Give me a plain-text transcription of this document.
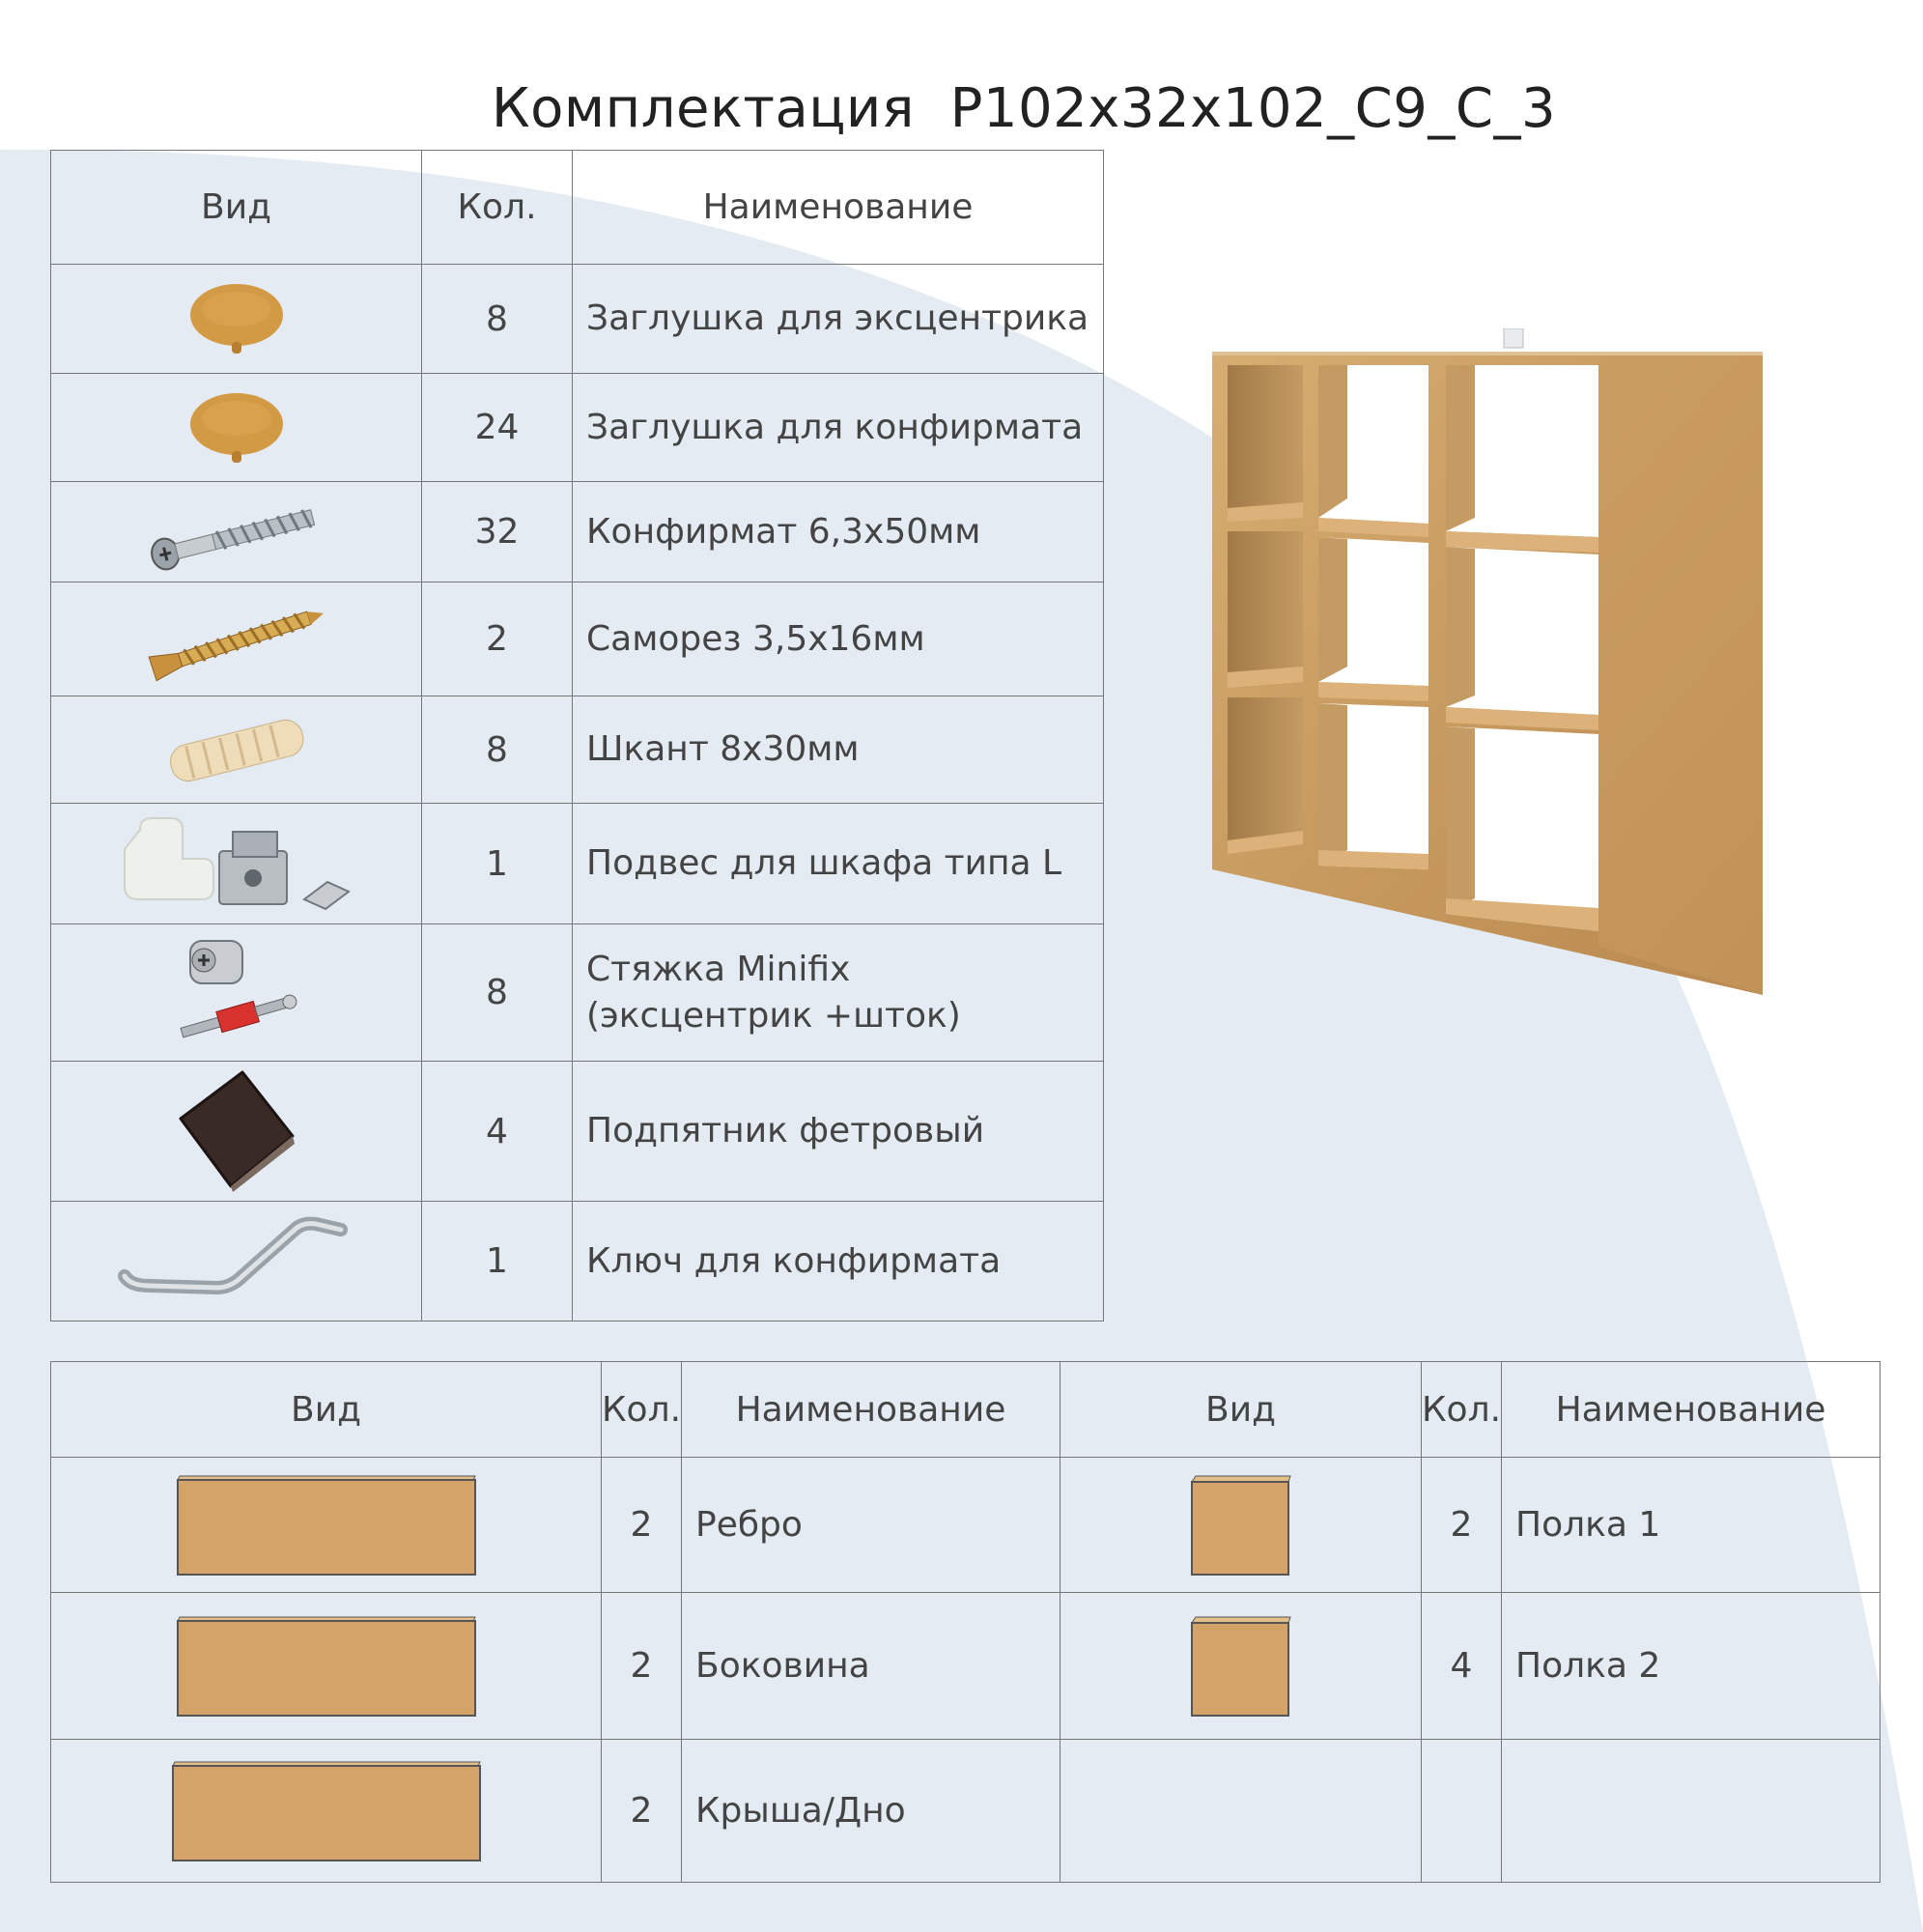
Комплектация  P102x32x102_C9_C_3
Вид	Кол.	Наименование

	8	Заглушка для эксцентрика

	24	Заглушка для конфирмата

	32	Конфирмат 6,3х50мм

	2	Саморез 3,5х16мм

	8	Шкант 8х30мм

	1	Подвес для шкафа типа L

	8	Стяжка Minifix
(эксцентрик +шток)

	4	Подпятник фетровый

	1	Ключ для конфирмата
Вид	Кол.	Наименование	Вид	Кол.	Наименование

	2	Ребро		2	Полка 1

	2	Боковина		4	Полка 2

	2	Крыша/Дно			
